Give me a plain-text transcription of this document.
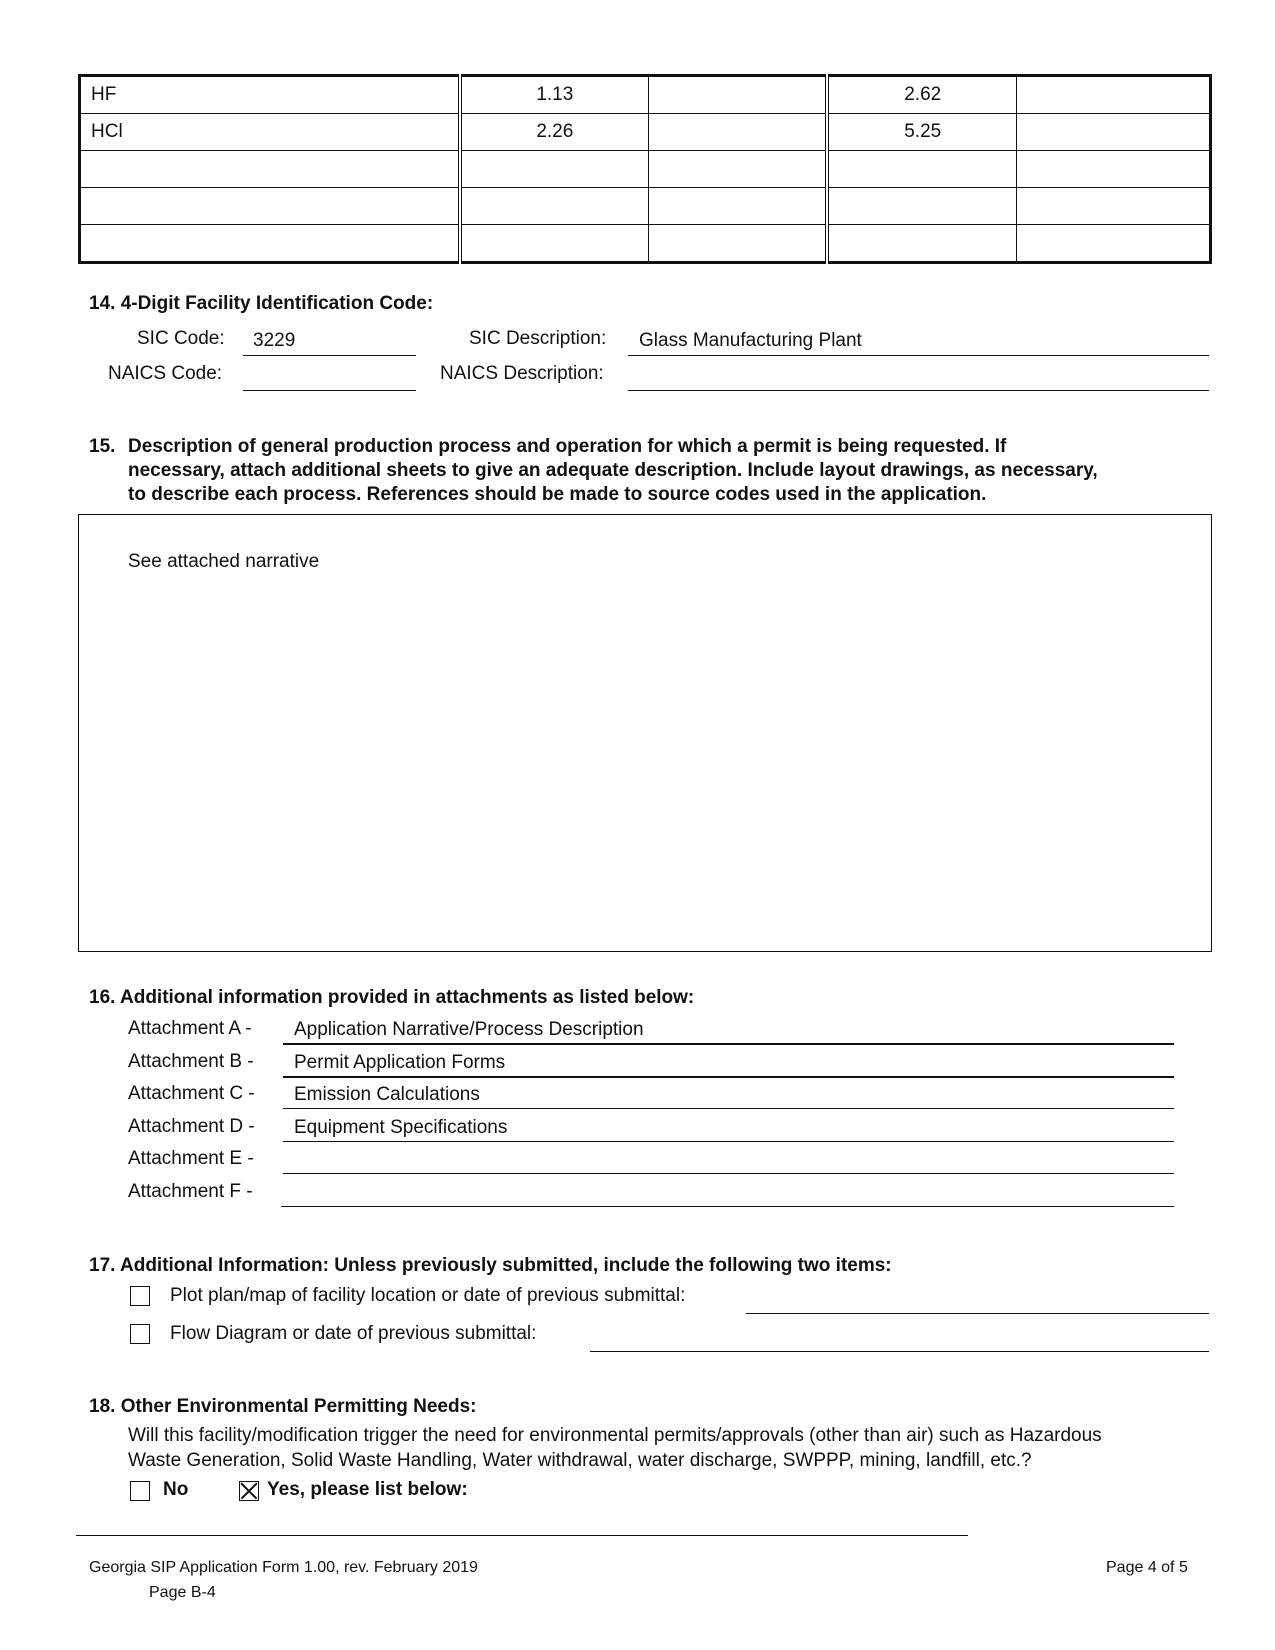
HF	1.13		2.62	
HCl	2.26		5.25	

14. 4-Digit Facility Identification Code:
SIC Code: 3229	SIC Description: Glass Manufacturing Plant
NAICS Code:	NAICS Description:
15. Description of general production process and operation for which a permit is being requested. If
necessary, attach additional sheets to give an adequate description. Include layout drawings, as necessary,
to describe each process. References should be made to source codes used in the application.
See attached narrative
16. Additional information provided in attachments as listed below:
Attachment A - Application Narrative/Process Description
Attachment B - Permit Application Forms
Attachment C - Emission Calculations
Attachment D - Equipment Specifications
Attachment E -
Attachment F -
17. Additional Information: Unless previously submitted, include the following two items:
Plot plan/map of facility location or date of previous submittal:
Flow Diagram or date of previous submittal:
18. Other Environmental Permitting Needs:
Will this facility/modification trigger the need for environmental permits/approvals (other than air) such as Hazardous
Waste Generation, Solid Waste Handling, Water withdrawal, water discharge, SWPPP, mining, landfill, etc.?
No	Yes, please list below:
Georgia SIP Application Form 1.00, rev. February 2019	Page 4 of 5
Page B-4
